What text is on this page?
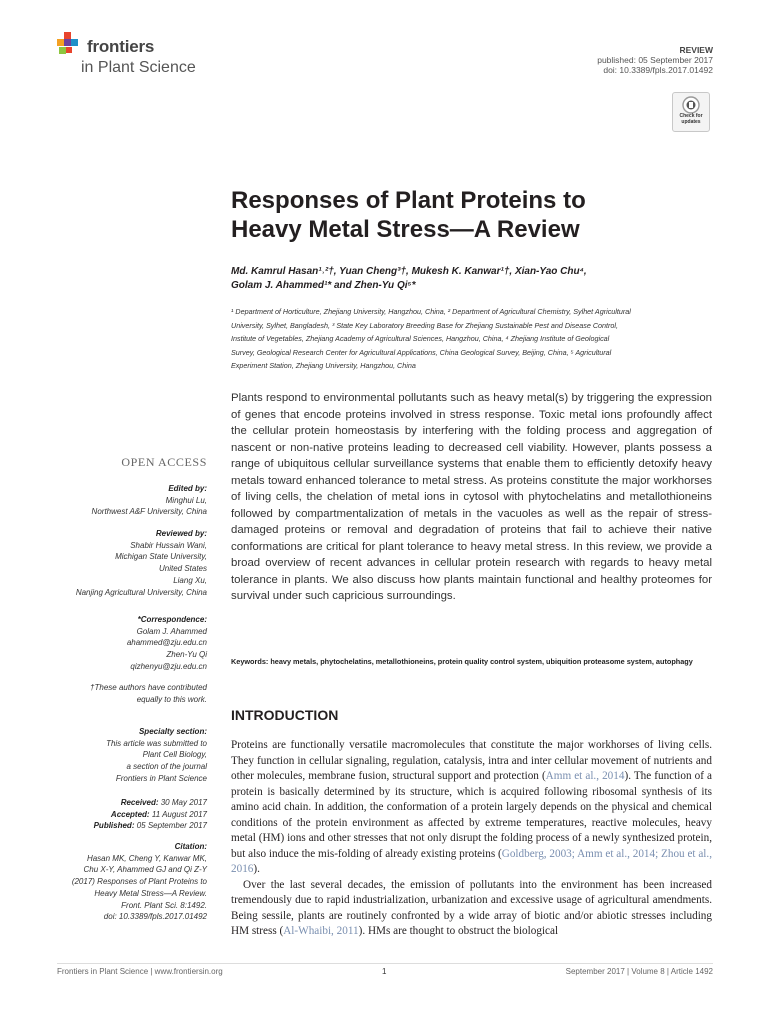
frontiers
in Plant Science
REVIEW
published: 05 September 2017
doi: 10.3389/fpls.2017.01492
Check for
updates
Responses of Plant Proteins to
Heavy Metal Stress—A Review
Md. Kamrul Hasan¹˒²†, Yuan Cheng³†, Mukesh K. Kanwar¹†, Xian-Yao Chu⁴,
Golam J. Ahammed¹* and Zhen-Yu Qi⁵*
¹ Department of Horticulture, Zhejiang University, Hangzhou, China, ² Department of Agricultural Chemistry, Sylhet Agricultural
University, Sylhet, Bangladesh, ³ State Key Laboratory Breeding Base for Zhejiang Sustainable Pest and Disease Control,
Institute of Vegetables, Zhejiang Academy of Agricultural Sciences, Hangzhou, China, ⁴ Zhejiang Institute of Geological
Survey, Geological Research Center for Agricultural Applications, China Geological Survey, Beijing, China, ⁵ Agricultural
Experiment Station, Zhejiang University, Hangzhou, China
Plants respond to environmental pollutants such as heavy metal(s) by triggering the expression of genes that encode proteins involved in stress response. Toxic metal ions profoundly affect the cellular protein homeostasis by interfering with the folding process and aggregation of nascent or non-native proteins leading to decreased cell viability. However, plants possess a range of ubiquitous cellular surveillance systems that enable them to efficiently detoxify heavy metals toward enhanced tolerance to metal stress. As proteins constitute the major workhorses of living cells, the chelation of metal ions in cytosol with phytochelatins and metallothioneins followed by compartmentalization of metals in the vacuoles as well as the repair of stress-damaged proteins or removal and degradation of proteins that fail to achieve their native conformations are critical for plant tolerance to heavy metal stress. In this review, we provide a broad overview of recent advances in cellular protein research with regards to heavy metal tolerance in plants. We also discuss how plants maintain functional and healthy proteomes for survival under such capricious surroundings.
Keywords: heavy metals, phytochelatins, metallothioneins, protein quality control system, ubiquition proteasome system, autophagy
OPEN ACCESS
Edited by:
Minghui Lu,
Northwest A&F University, China
Reviewed by:
Shabir Hussain Wani,
Michigan State University,
United States
Liang Xu,
Nanjing Agricultural University, China
*Correspondence:
Golam J. Ahammed
ahammed@zju.edu.cn
Zhen-Yu Qi
qizhenyu@zju.edu.cn
†These authors have contributed
equally to this work.
Specialty section:
This article was submitted to
Plant Cell Biology,
a section of the journal
Frontiers in Plant Science
Received: 30 May 2017
Accepted: 11 August 2017
Published: 05 September 2017
Citation:
Hasan MK, Cheng Y, Kanwar MK,
Chu X-Y, Ahammed GJ and Qi Z-Y
(2017) Responses of Plant Proteins to
Heavy Metal Stress—A Review.
Front. Plant Sci. 8:1492.
doi: 10.3389/fpls.2017.01492
INTRODUCTION

Proteins are functionally versatile macromolecules that constitute the major workhorses of living cells. They function in cellular signaling, regulation, catalysis, intra and inter cellular movement of nutrients and other molecules, membrane fusion, structural support and protection (Amm et al., 2014). The function of a protein is basically determined by its structure, which is acquired following ribosomal synthesis of its amino acid chain. In addition, the conformation of a protein largely depends on the physical and chemical conditions of the protein environment as affected by extreme temperatures, reactive molecules, heavy metal (HM) ions and other stresses that not only disrupt the folding process of a newly synthesized protein, but also induce the mis-folding of already existing proteins (Goldberg, 2003; Amm et al., 2014; Zhou et al., 2016).

Over the last several decades, the emission of pollutants into the environment has been increased tremendously due to rapid industrialization, urbanization and excessive usage of agricultural amendments. Being sessile, plants are routinely confronted by a wide array of biotic and/or abiotic stresses including HM stress (Al-Whaibi, 2011). HMs are thought to obstruct the biological

Frontiers in Plant Science | www.frontiersin.org	1	September 2017 | Volume 8 | Article 1492
